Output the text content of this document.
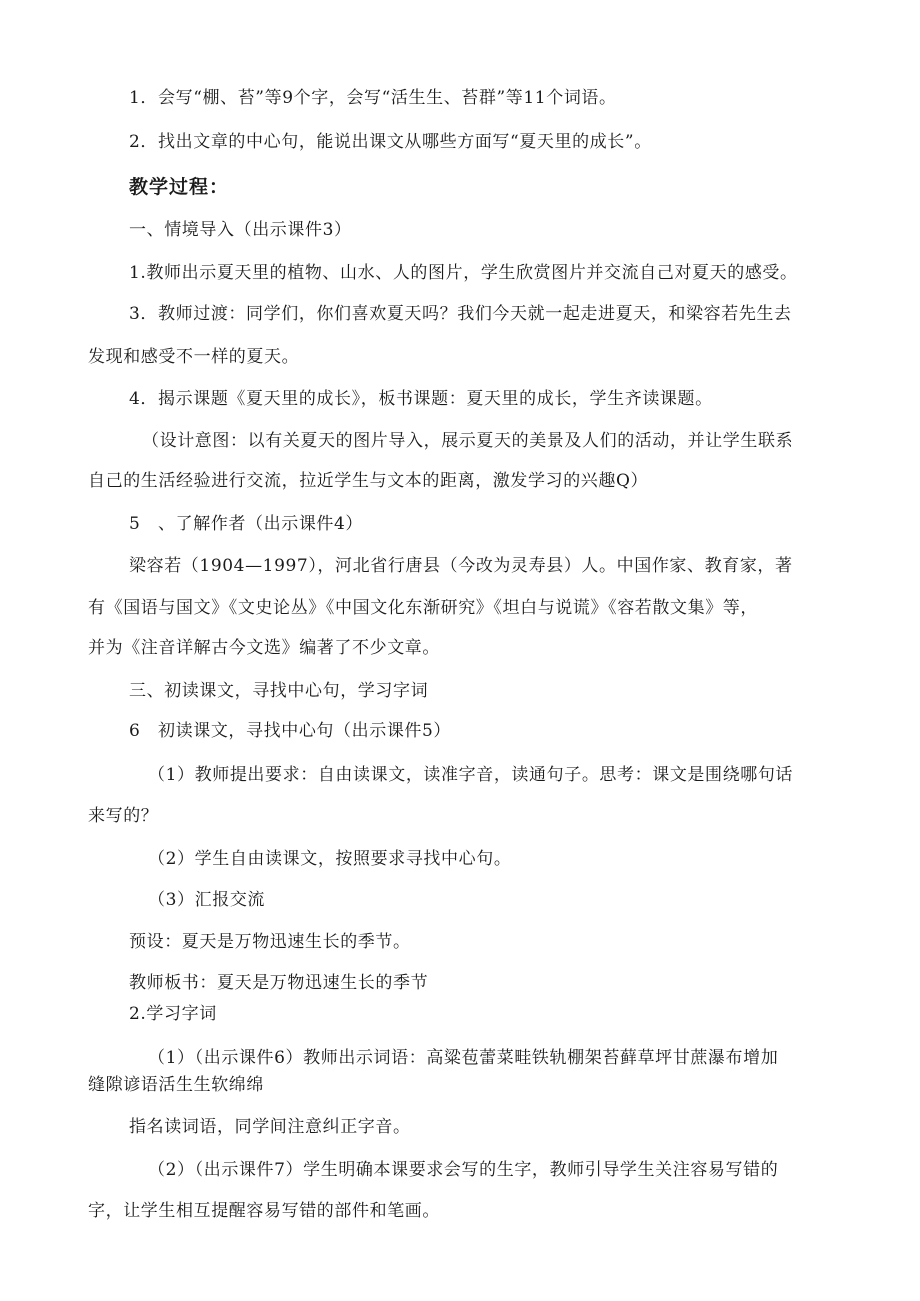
1．会写“棚、苔”等9个字，会写“活生生、苔群”等11个词语。
2．找出文章的中心句，能说出课文从哪些方面写“夏天里的成长”。
教学过程：
一、情境导入（出示课件3）
1.教师出示夏天里的植物、山水、人的图片，学生欣赏图片并交流自己对夏天的感受。
3．教师过渡：同学们，你们喜欢夏天吗？我们今天就一起走进夏天，和梁容若先生去
发现和感受不一样的夏天。
4．揭示课题《夏天里的成长》，板书课题：夏天里的成长，学生齐读课题。
（设计意图：以有关夏天的图片导入，展示夏天的美景及人们的活动，并让学生联系
自己的生活经验进行交流，拉近学生与文本的距离，激发学习的兴趣Q）
5　、了解作者（出示课件4）
梁容若（1904—1997），河北省行唐县（今改为灵寿县）人。中国作家、教育家，著
有《国语与国文》《文史论丛》《中国文化东渐研究》《坦白与说谎》《容若散文集》等，
并为《注音详解古今文选》编著了不少文章。
三、初读课文，寻找中心句，学习字词
6　初读课文，寻找中心句（出示课件5）
（1）教师提出要求：自由读课文，读准字音，读通句子。思考：课文是围绕哪句话
来写的？
（2）学生自由读课文，按照要求寻找中心句。
（3）汇报交流
预设：夏天是万物迅速生长的季节。
教师板书：夏天是万物迅速生长的季节
2.学习字词
（1）（出示课件6）教师出示词语：高粱苞蕾菜畦铁轨棚架苔藓草坪甘蔗瀑布增加
缝隙谚语活生生软绵绵
指名读词语，同学间注意纠正字音。
（2）（出示课件7）学生明确本课要求会写的生字，教师引导学生关注容易写错的
字，让学生相互提醒容易写错的部件和笔画。
